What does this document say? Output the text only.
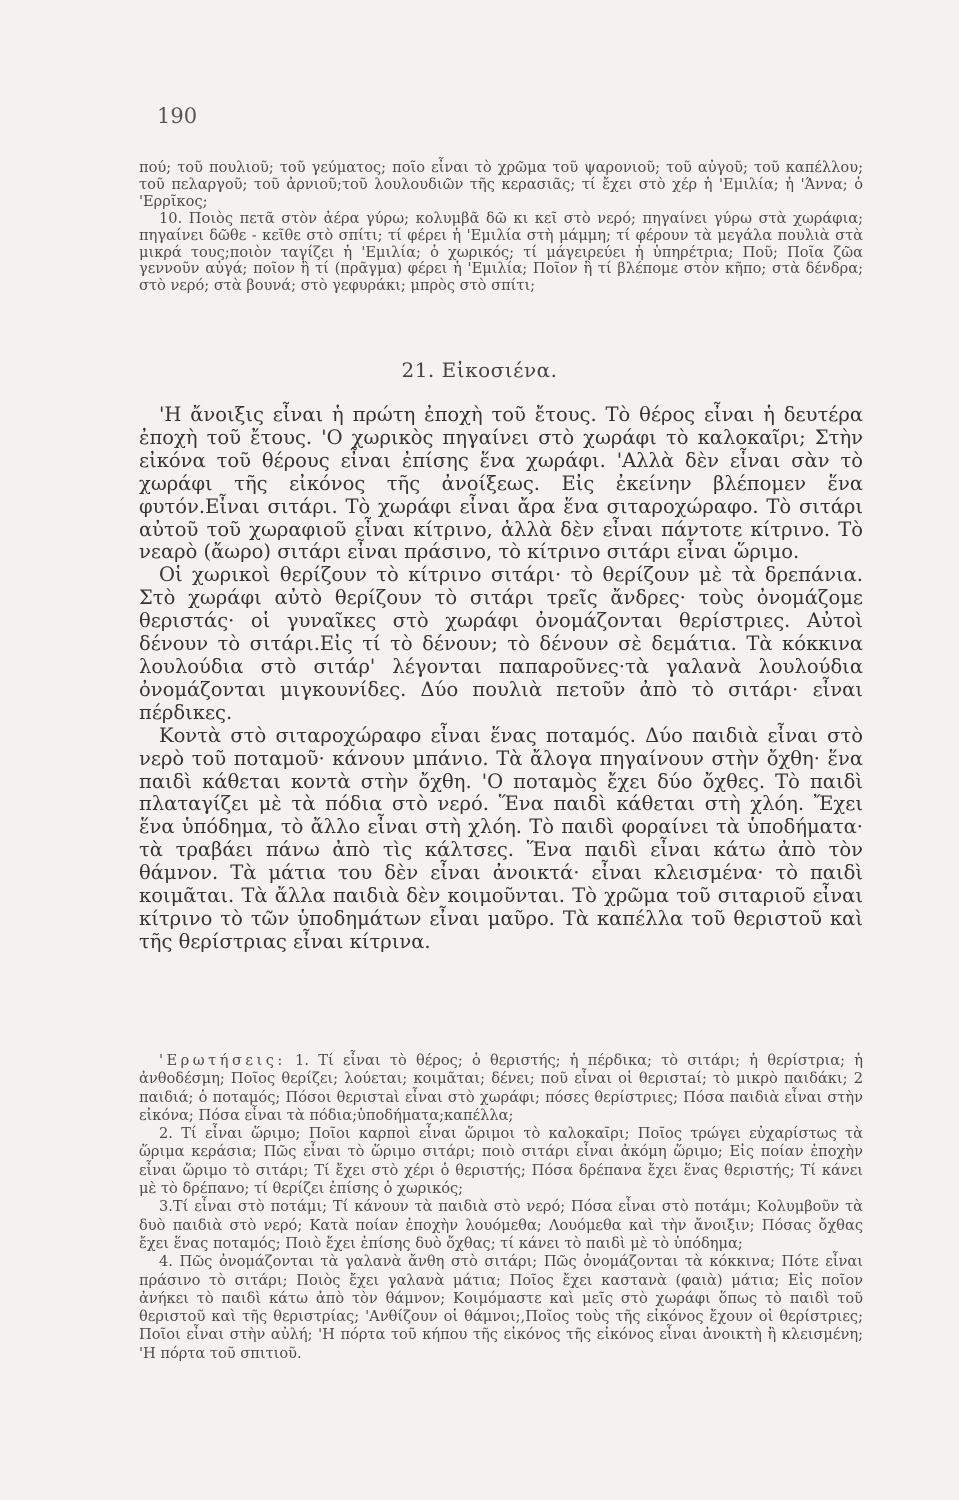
190

πού; τοῦ πουλιοῦ; τοῦ γεύματος; ποῖο εἶναι τὸ χρῶμα τοῦ ψαρονιοῦ; τοῦ αὐγοῦ; τοῦ καπέλλου; τοῦ πελαργοῦ; τοῦ ἀρνιοῦ;τοῦ λουλουδιῶν τῆς κερασιᾶς; τί ἔχει στὸ χέρ ἡ 'Εμιλία; ἡ 'Άννα; ὁ 'Ερρῖκος;

10. Ποιὸς πετᾶ στὸν ἀέρα γύρω; κολυμβᾶ δῶ κι κεῖ στὸ νερό; πηγαίνει γύρω στὰ χωράφια; πηγαίνει δῶθε - κεῖθε στὸ σπίτι; τί φέρει ἡ 'Εμιλία στὴ μάμμη; τί φέρουν τὰ μεγάλα πουλιὰ στὰ μικρά τους;ποιὸν ταγίζει ἡ 'Εμιλία; ὁ χωρικός; τί μάγειρεύει ἡ ὑπηρέτρια; Ποῦ; Ποῖα ζῶα γεννοῦν αὐγά; ποῖον ἢ τί (πρᾶγμα) φέρει ἡ 'Εμιλία; Ποῖον ἢ τί βλέπομε στὸν κῆπο; στὰ δένδρα; στὸ νερό; στὰ βουνά; στὸ γεφυράκι; μπρὸς στὸ σπίτι;

21. Εἰκοσιένα.

'Η ἄνοιξις εἶναι ἡ πρώτη ἐποχὴ τοῦ ἔτους. Τὸ θέρος εἶναι ἡ δευτέρα ἐποχὴ τοῦ ἔτους. 'Ο χωρικὸς πηγαίνει στὸ χωράφι τὸ καλοκαῖρι; Στὴν εἰκόνα τοῦ θέρους εἶναι ἐπίσης ἕνα χωράφι. 'Αλλὰ δὲν εἶναι σὰν τὸ χωράφι τῆς εἰκόνος τῆς ἀνοίξεως. Εἰς ἐκείνην βλέπομεν ἕνα φυτόν.Εἶναι σιτάρι. Τὸ χωράφι εἶναι ἄρα ἕνα σιταροχώραφο. Τὸ σιτάρι αὐτοῦ τοῦ χωραφιοῦ εἶναι κίτρινο, ἀλλὰ δὲν εἶναι πάντοτε κίτρινο. Τὸ νεαρὸ (ἄωρο) σιτάρι εἶναι πράσινο, τὸ κίτρινο σιτάρι εἶναι ὥριμο.

Οἱ χωρικοὶ θερίζουν τὸ κίτρινο σιτάρι· τὸ θερίζουν μὲ τὰ δρεπάνια. Στὸ χωράφι αὐτὸ θερίζουν τὸ σιτάρι τρεῖς ἄνδρες· τοὺς ὀνομάζομε θεριστάς· οἱ γυναῖκες στὸ χωράφι ὀνομάζονται θερίστριες. Αὐτοὶ δένουν τὸ σιτάρι.Εἰς τί τὸ δένουν; τὸ δένουν σὲ δεμάτια. Τὰ κόκκινα λουλούδια στὸ σιτάρ' λέγονται παπαροῦνες·τὰ γαλανὰ λουλούδια ὀνομάζονται μιγκουνίδες. Δύο πουλιὰ πετοῦν ἀπὸ τὸ σιτάρι· εἶναι πέρδικες.

Κοντὰ στὸ σιταροχώραφο εἶναι ἕνας ποταμός. Δύο παιδιὰ εἶναι στὸ νερὸ τοῦ ποταμοῦ· κάνουν μπάνιο. Τὰ ἄλογα πηγαίνουν στὴν ὄχθη· ἕνα παιδὶ κάθεται κοντὰ στὴν ὄχθη. 'Ο ποταμὸς ἔχει δύο ὄχθες. Τὸ παιδὶ πλαταγίζει μὲ τὰ πόδια στὸ νερό. Ἕνα παιδὶ κάθεται στὴ χλόη. Ἔχει ἕνα ὑπόδημα, τὸ ἄλλο εἶναι στὴ χλόη. Τὸ παιδὶ φοραίνει τὰ ὑποδήματα· τὰ τραβάει πάνω ἀπὸ τὶς κάλτσες. Ἕνα παιδὶ εἶναι κάτω ἀπὸ τὸν θάμνον. Τὰ μάτια του δὲν εἶναι ἀνοικτά· εἶναι κλεισμένα· τὸ παιδὶ κοιμᾶται. Τὰ ἄλλα παιδιὰ δὲν κοιμοῦνται. Τὸ χρῶμα τοῦ σιταριοῦ εἶναι κίτρινο τὸ τῶν ὑποδημάτων εἶναι μαῦρο. Τὰ καπέλλα τοῦ θεριστοῦ καὶ τῆς θερίστριας εἶναι κίτρινα.

'Ερωτήσεις: 1. Τί εἶναι τὸ θέρος; ὁ θεριστής; ἡ πέρδικα; τὸ σιτάρι; ἡ θερίστρια; ἡ ἀνθοδέσμη; Ποῖος θερίζει; λούεται; κοιμᾶται; δένει; ποῦ εἶναι οἱ θεριστaί; τὸ μικρὸ παιδάκι; 2 παιδιά; ὁ ποταμός; Πόσοι θεριστaὶ εἶναι στὸ χωράφι; πόσες θερίστριες; Πόσα παιδιὰ εἶναι στὴν εἰκόνα; Πόσα εἶναι τὰ πόδια;ὑποδήματα;καπέλλα;

2. Τί εἶναι ὥριμο; Ποῖοι καρποὶ εἶναι ὥριμοι τὸ καλοκαῖρι; Ποῖος τρώγει εὐχαρίστως τὰ ὥριμα κεράσια; Πῶς εἶναι τὸ ὥριμο σιτάρι; ποιὸ σιτάρι εἶναι ἀκόμη ὥριμο; Εἰς ποίαν ἐποχὴν εἶναι ὥριμο τὸ σιτάρι; Τί ἔχει στὸ χέρι ὁ θεριστής; Πόσα δρέπανα ἔχει ἕνας θεριστής; Τί κάνει μὲ τὸ δρέπανο; τί θερίζει ἐπίσης ὁ χωρικός;

3.Τί εἶναι στὸ ποτάμι; Τί κάνουν τὰ παιδιὰ στὸ νερό; Πόσα εἶναι στὸ ποτάμι; Κολυμβοῦν τὰ δυὸ παιδιὰ στὸ νερό; Κατὰ ποίαν ἐποχὴν λουόμεθα; Λουόμεθα καὶ τὴν ἄνοιξιν; Πόσας ὄχθας ἔχει ἕνας ποταμός; Ποιὸ ἔχει ἐπίσης δυὸ ὄχθας; τί κάνει τὸ παιδὶ μὲ τὸ ὑπόδημα;

4. Πῶς ὀνομάζονται τὰ γαλανὰ ἄνθη στὸ σιτάρι; Πῶς ὀνομάζονται τὰ κόκκινα; Πότε εἶναι πράσινο τὸ σιτάρι; Ποιὸς ἔχει γαλανὰ μάτια; Ποῖος ἔχει καστανὰ (φαιὰ) μάτια; Εἰς ποῖον ἀνήκει τὸ παιδὶ κάτω ἀπὸ τὸν θάμνον; Κοιμόμαστε καὶ μεῖς στὸ χωράφι ὅπως τὸ παιδὶ τοῦ θεριστοῦ καὶ τῆς θεριστρίας; 'Ανθίζουν οἱ θάμνοι;,Ποῖος τοὺς τῆς εἰκόνος ἔχουν οἱ θερίστριες; Ποῖοι εἶναι στὴν αὐλή; 'Η πόρτα τοῦ κήπου τῆς εἰκόνος τῆς εἰκόνος εἶναι ἀνοικτὴ ἢ κλεισμένη; 'Η πόρτα τοῦ σπιτιοῦ.
